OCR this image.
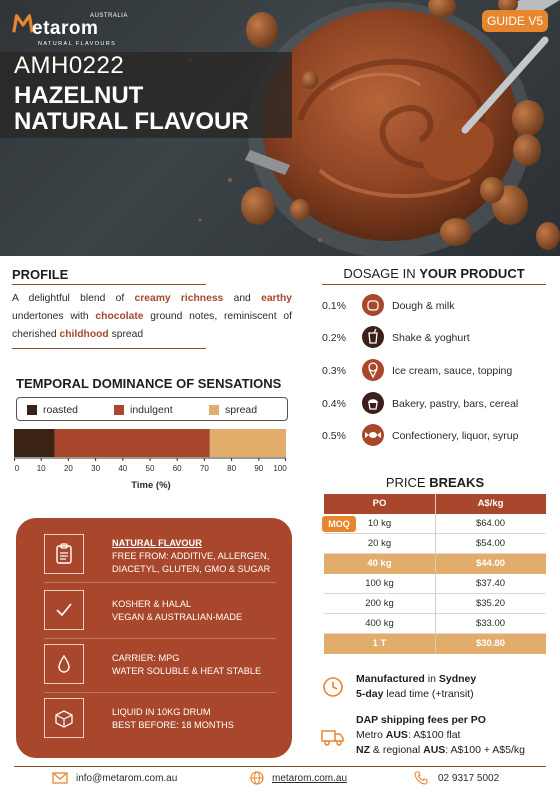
etarom
AUSTRALIA
NATURAL FLAVOURS
GUIDE V5
AMH0222
HAZELNUT
NATURAL FLAVOUR
PROFILE
A delightful blend of creamy richness and earthy undertones with chocolate ground notes, reminiscent of cherished childhood spread
TEMPORAL DOMINANCE OF SENSATIONS
roasted	indulgent	spread
0 10 20 30 40 50 60 70 80 90 100
Time (%)
NATURAL FLAVOUR
FREE FROM: ADDITIVE, ALLERGEN,
DIACETYL, GLUTEN, GMO & SUGAR
KOSHER & HALAL
VEGAN & AUSTRALIAN-MADE
CARRIER: MPG
WATER SOLUBLE & HEAT STABLE
LIQUID IN 10KG DRUM
BEST BEFORE: 18 MONTHS
DOSAGE IN YOUR PRODUCT
0.1%	Dough & milk
0.2%	Shake & yoghurt
0.3%	Ice cream, sauce, topping
0.4%	Bakery, pastry, bars, cereal
0.5%	Confectionery, liquor, syrup
PRICE BREAKS
PO	A$/kg
10 kg	$64.00
20 kg	$54.00
40 kg	$44.00
100 kg	$37.40
200 kg	$35.20
400 kg	$33.00
1 T	$30.80
MOQ
Manufactured in Sydney
5-day lead time (+transit)
DAP shipping fees per PO
Metro AUS: A$100 flat
NZ & regional AUS: A$100 + A$5/kg
info@metarom.com.au	metarom.com.au	02 9317 5002
